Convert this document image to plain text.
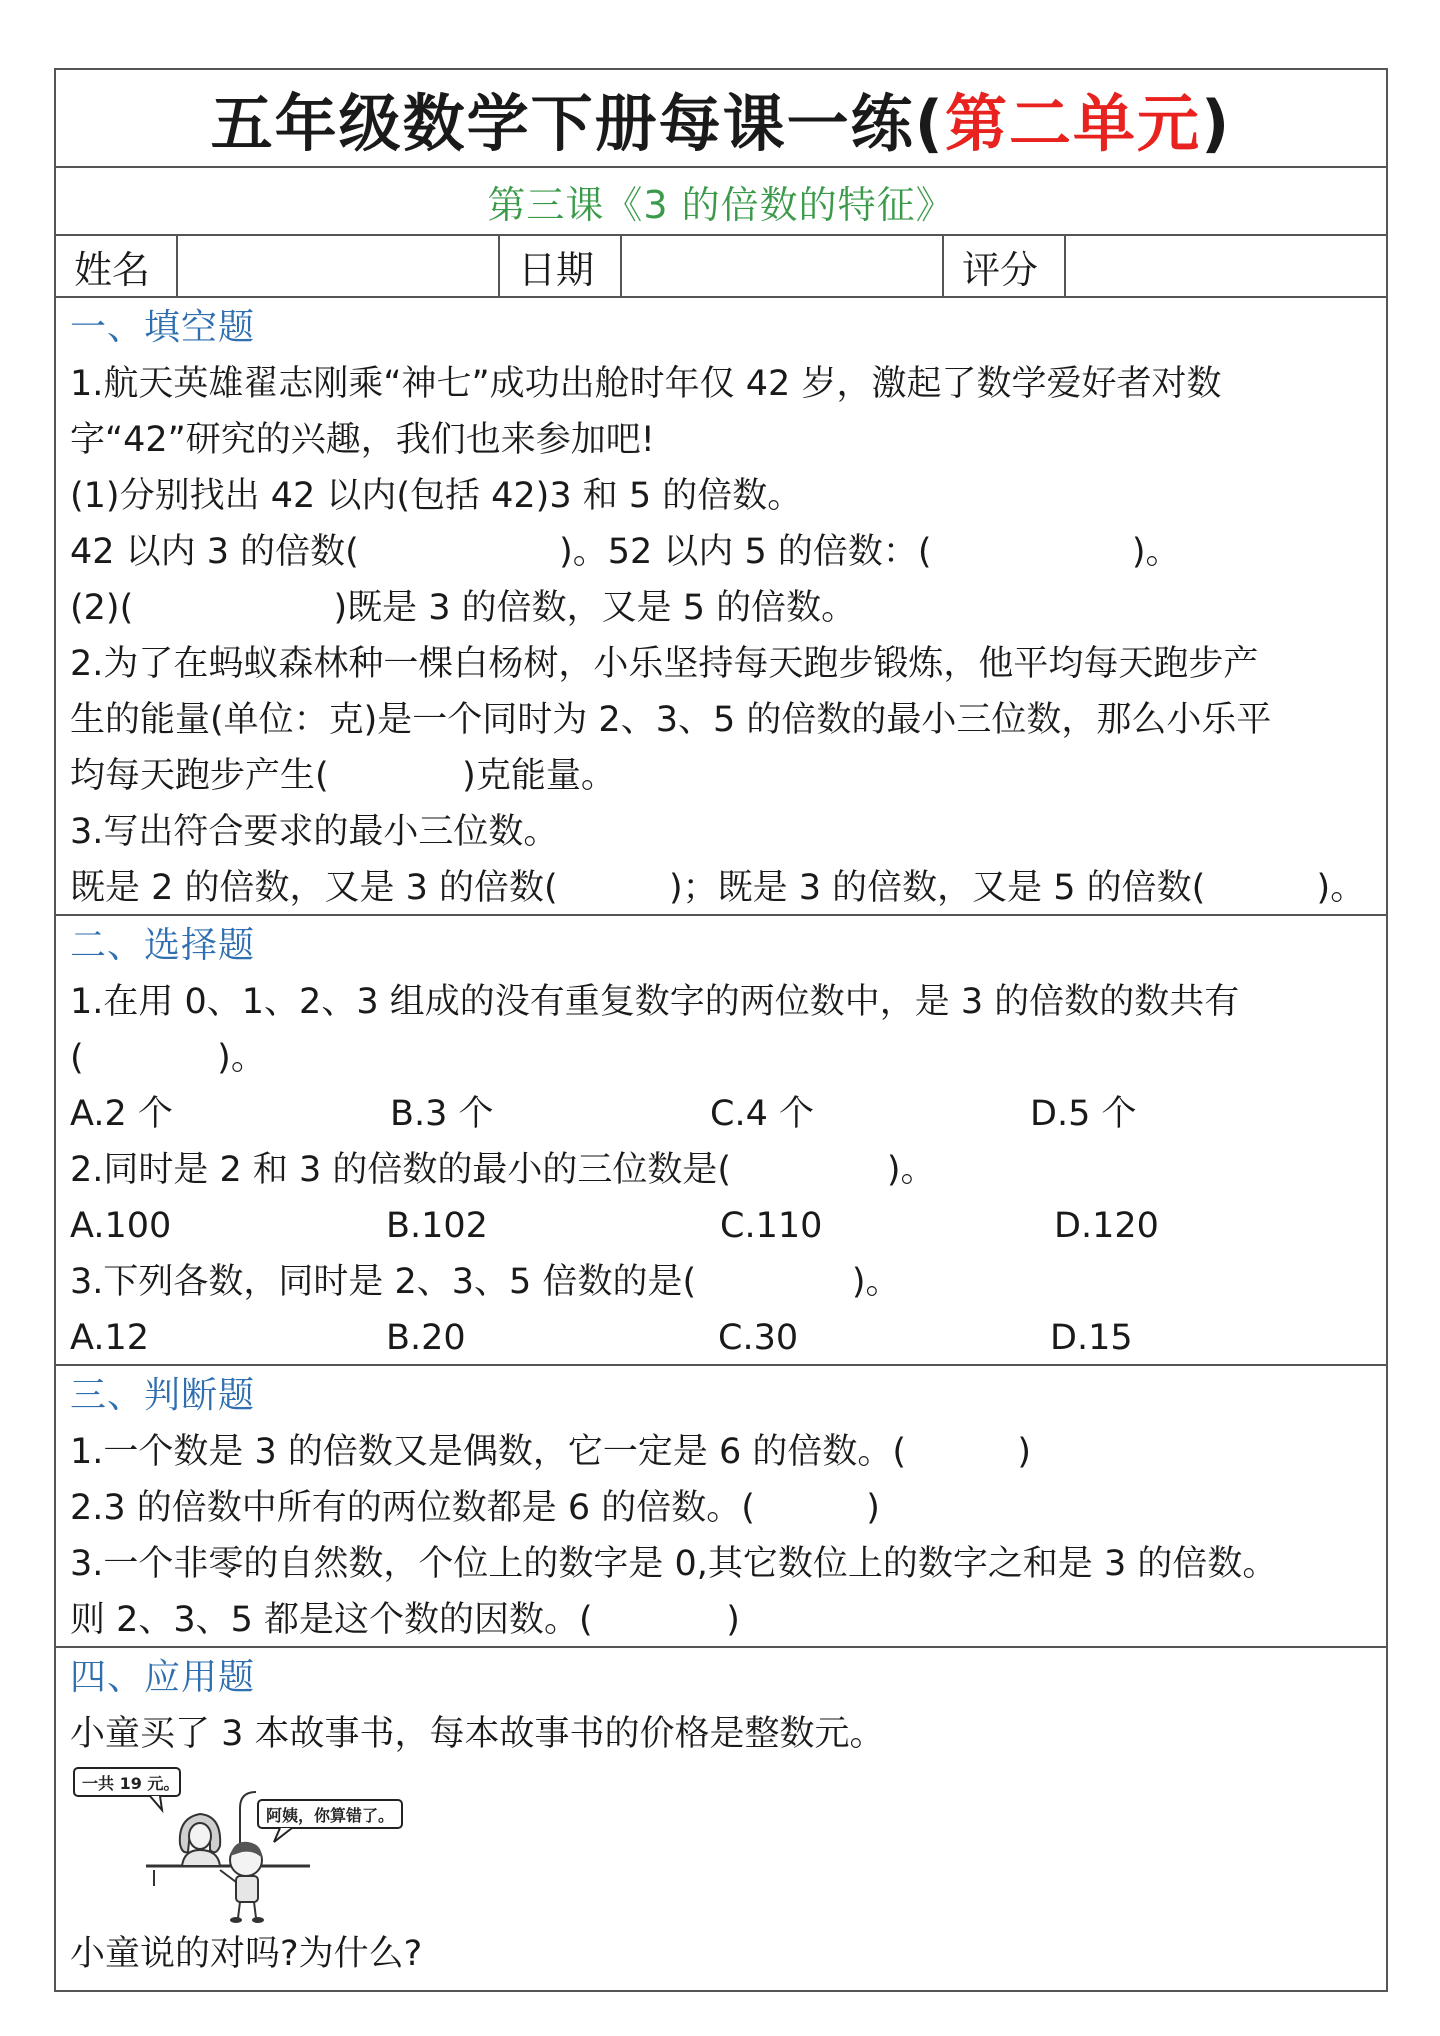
五年级数学下册每课一练(第二单元)
第三课《3 的倍数的特征》
姓名	日期	评分
一、填空题
1.航天英雄翟志刚乘“神七”成功出舱时年仅 42 岁，激起了数学爱好者对数
字“42”研究的兴趣，我们也来参加吧!
(1)分别找出 42 以内(包括 42)3 和 5 的倍数。
42 以内 3 的倍数(                  )。52 以内 5 的倍数：(                  )。
(2)(                  )既是 3 的倍数，又是 5 的倍数。
2.为了在蚂蚁森林种一棵白杨树，小乐坚持每天跑步锻炼，他平均每天跑步产
生的能量(单位：克)是一个同时为 2、3、5 的倍数的最小三位数，那么小乐平
均每天跑步产生(            )克能量。
3.写出符合要求的最小三位数。
既是 2 的倍数，又是 3 的倍数(          )；既是 3 的倍数，又是 5 的倍数(          )。
二、选择题
1.在用 0、1、2、3 组成的没有重复数字的两位数中，是 3 的倍数的数共有
(            )。
A.2 个	B.3 个	C.4 个	D.5 个
2.同时是 2 和 3 的倍数的最小的三位数是(              )。
A.100	B.102	C.110	D.120
3.下列各数，同时是 2、3、5 倍数的是(              )。
A.12	B.20	C.30	D.15
三、判断题
1.一个数是 3 的倍数又是偶数，它一定是 6 的倍数。(          )
2.3 的倍数中所有的两位数都是 6 的倍数。(          )
3.一个非零的自然数，个位上的数字是 0,其它数位上的数字之和是 3 的倍数。
则 2、3、5 都是这个数的因数。(            )
四、应用题
小童买了 3 本故事书，每本故事书的价格是整数元。
一共 19 元。
阿姨，你算错了。
小童说的对吗?为什么?
